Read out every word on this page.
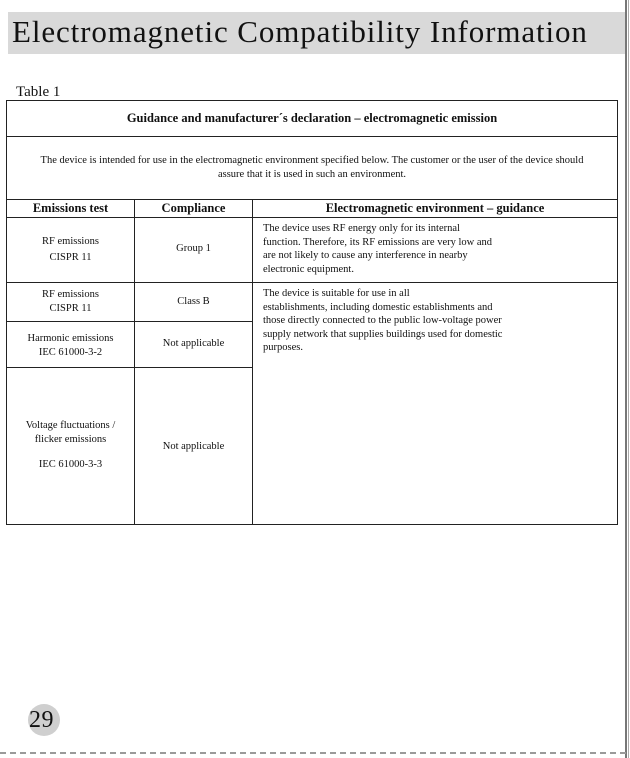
Electromagnetic Compatibility Information
Table 1
Guidance and manufacturer´s declaration – electromagnetic emission
The device is intended for use in the electromagnetic environment specified below. The customer or the user of the device should
assure that it is used in such an environment.
Emissions test	Compliance	Electromagnetic environment – guidance
RF emissions
CISPR 11
Group 1
The device uses RF energy only for its internal
function. Therefore, its RF emissions are very low and
are not likely to cause any interference in nearby
electronic equipment.
RF emissions
CISPR 11
Class B
The device is suitable for use in all
establishments, including domestic establishments and
those directly connected to the public low-voltage power
supply network that supplies buildings used for domestic
purposes.
Harmonic emissions
IEC 61000-3-2
Not applicable
Voltage fluctuations /
flicker emissions
IEC 61000-3-3
Not applicable
29
